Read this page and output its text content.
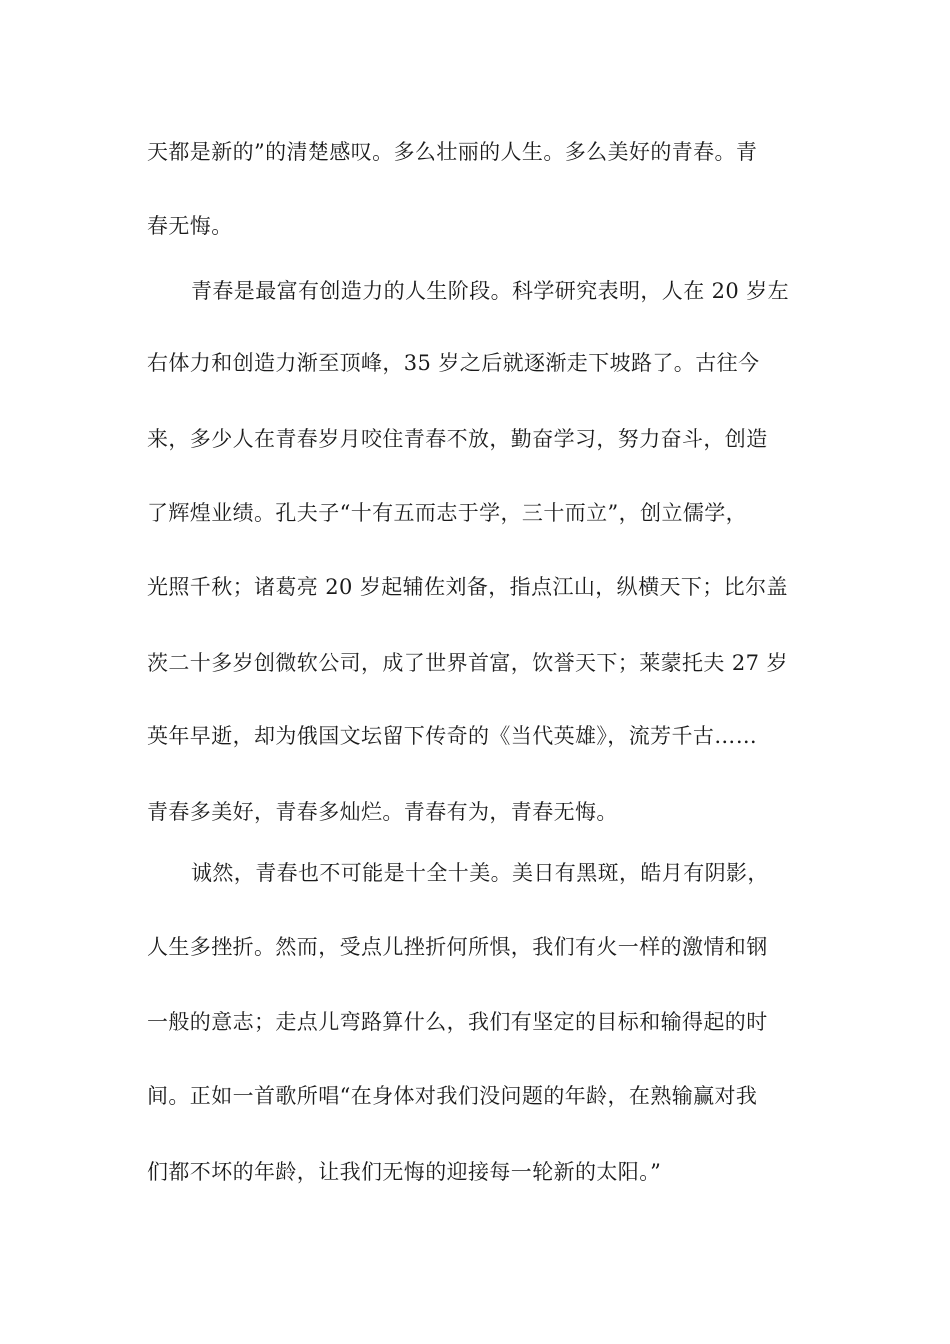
天都是新的”的清楚感叹。多么壮丽的人生。多么美好的青春。青
春无悔。
青春是最富有创造力的人生阶段。科学研究表明，人在 20 岁左
右体力和创造力渐至顶峰，35 岁之后就逐渐走下坡路了。古往今
来，多少人在青春岁月咬住青春不放，勤奋学习，努力奋斗，创造
了辉煌业绩。孔夫子“十有五而志于学，三十而立”，创立儒学，
光照千秋；诸葛亮 20 岁起辅佐刘备，指点江山，纵横天下；比尔盖
茨二十多岁创微软公司，成了世界首富，饮誉天下；莱蒙托夫 27 岁
英年早逝，却为俄国文坛留下传奇的《当代英雄》，流芳千古……
青春多美好，青春多灿烂。青春有为，青春无悔。
诚然，青春也不可能是十全十美。美日有黑斑，皓月有阴影，
人生多挫折。然而，受点儿挫折何所惧，我们有火一样的激情和钢
一般的意志；走点儿弯路算什么，我们有坚定的目标和输得起的时
间。正如一首歌所唱“在身体对我们没问题的年龄，在熟输赢对我
们都不坏的年龄，让我们无悔的迎接每一轮新的太阳。”
